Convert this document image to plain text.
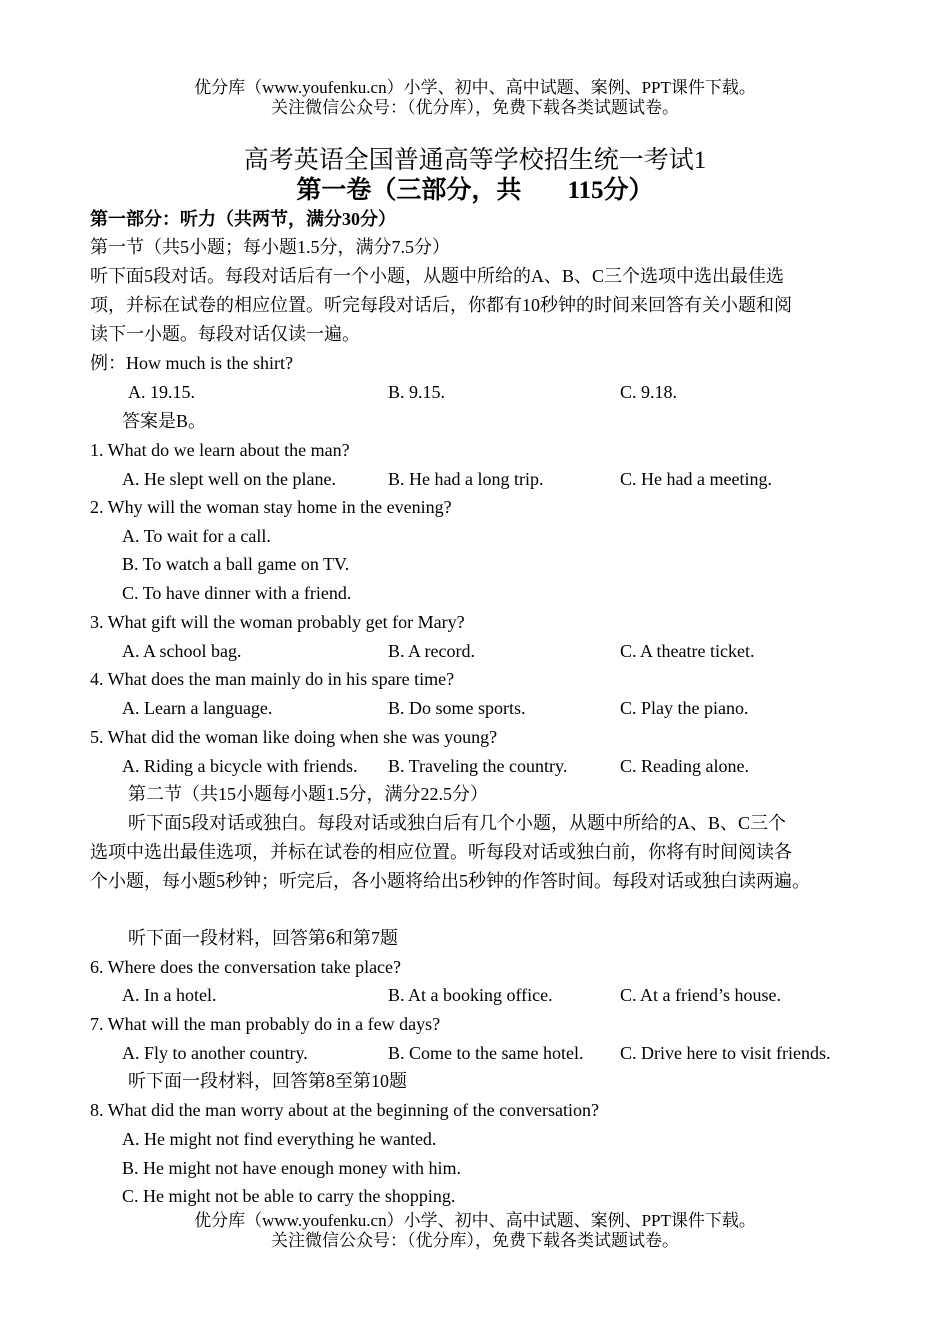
优分库（www.youfenku.cn）小学、初中、高中试题、案例、PPT课件下载。
关注微信公众号：（优分库），免费下载各类试题试卷。
高考英语全国普通高等学校招生统一考试1
第一卷（三部分，共 115分）
第一部分：听力（共两节，满分30分）
第一节（共5小题；每小题1.5分，满分7.5分）
听下面5段对话。每段对话后有一个小题，从题中所给的A、B、C三个选项中选出最佳选
项，并标在试卷的相应位置。听完每段对话后，你都有10秒钟的时间来回答有关小题和阅
读下一小题。每段对话仅读一遍。
例：How much is the shirt?
A. 19.15.	B. 9.15.	C. 9.18.
答案是B。
1. What do we learn about the man?
A. He slept well on the plane.	B. He had a long trip.	C. He had a meeting.
2. Why will the woman stay home in the evening?
A. To wait for a call.
B. To watch a ball game on TV.
C. To have dinner with a friend.
3. What gift will the woman probably get for Mary?
A. A school bag.	B. A record.	C. A theatre ticket.
4. What does the man mainly do in his spare time?
A. Learn a language.	B. Do some sports.	C. Play the piano.
5. What did the woman like doing when she was young?
A. Riding a bicycle with friends. B. Traveling the country.	C. Reading alone.
第二节（共15小题每小题1.5分，满分22.5分）
听下面5段对话或独白。每段对话或独白后有几个小题，从题中所给的A、B、C三个
选项中选出最佳选项，并标在试卷的相应位置。听每段对话或独白前，你将有时间阅读各
个小题，每小题5秒钟；听完后，各小题将给出5秒钟的作答时间。每段对话或独白读两遍。
听下面一段材料，回答第6和第7题
6. Where does the conversation take place?
A. In a hotel.	B. At a booking office.	C. At a friend’s house.
7. What will the man probably do in a few days?
A. Fly to another country.	B. Come to the same hotel. C. Drive here to visit friends.
听下面一段材料，回答第8至第10题
8. What did the man worry about at the beginning of the conversation?
A. He might not find everything he wanted.
B. He might not have enough money with him.
C. He might not be able to carry the shopping.
优分库（www.youfenku.cn）小学、初中、高中试题、案例、PPT课件下载。
关注微信公众号：（优分库），免费下载各类试题试卷。
